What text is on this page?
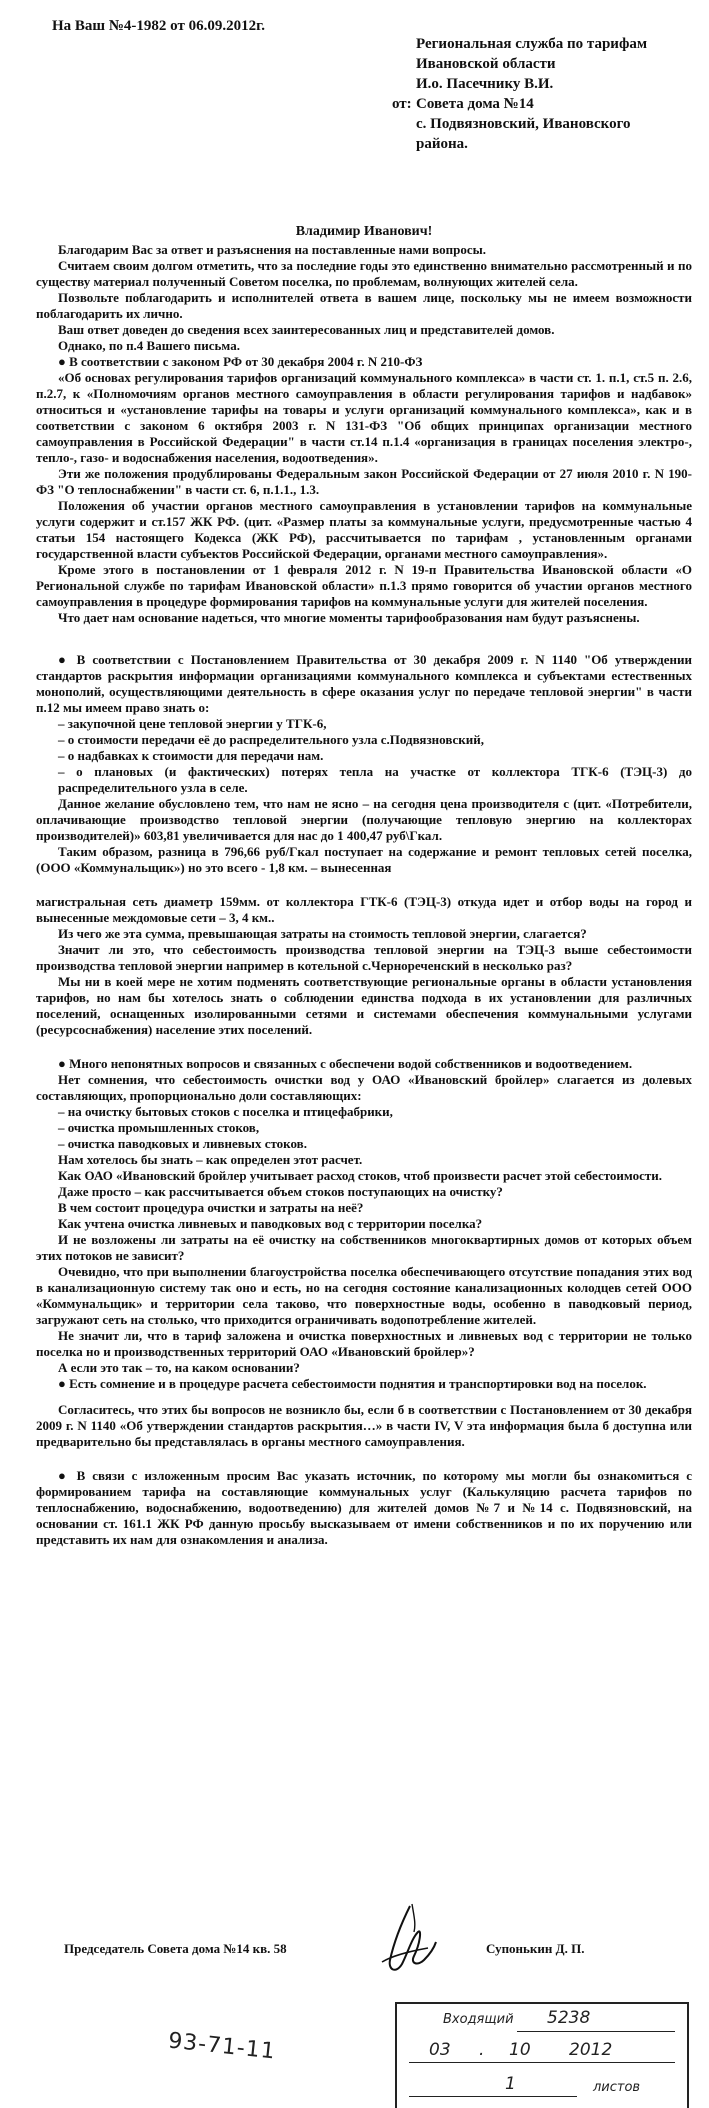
На Ваш №4-1982 от 06.09.2012г.
Региональная служба по тарифам
Ивановской области
И.о. Пасечнику В.И.
от: Совета дома №14
с. Подвязновский, Ивановского
района.
Владимир Иванович!

Благодарим Вас за ответ и разъяснения на поставленные нами вопросы.

Считаем своим долгом отметить, что за последние годы это единственно внимательно рассмотренный и по существу материал полученный Советом поселка, по проблемам, волнующих жителей села.

Позвольте поблагодарить и исполнителей ответа в вашем лице, поскольку мы не имеем возможности поблагодарить их лично.

Ваш ответ доведен до сведения всех заинтересованных лиц и представителей домов.

Однако, по п.4 Вашего письма.

● В соответствии с законом РФ от 30 декабря 2004 г. N 210-ФЗ

«Об основах регулирования тарифов организаций коммунального комплекса» в части ст. 1. п.1, ст.5 п. 2.6, п.2.7, к «Полномочиям органов местного самоуправления в области регулирования тарифов и надбавок» относиться и «установление тарифы на товары и услуги организаций коммунального комплекса», как и в соответствии с законом 6 октября 2003 г. N 131-ФЗ "Об общих принципах организации местного самоуправления в Российской Федерации" в части ст.14 п.1.4 «организация в границах поселения электро-, тепло-, газо- и водоснабжения населения, водоотведения».

Эти же положения продублированы Федеральным закон Российской Федерации от 27 июля 2010 г. N 190-ФЗ "О теплоснабжении" в части ст. 6, п.1.1., 1.3.

Положения об участии органов местного самоуправления в установлении тарифов на коммунальные услуги содержит и ст.157 ЖК РФ. (цит. «Размер платы за коммунальные услуги, предусмотренные частью 4 статьи 154 настоящего Кодекса (ЖК РФ), рассчитывается по тарифам , установленным органами государственной власти субъектов Российской Федерации, органами местного самоуправления».

Кроме этого в постановлении от 1 февраля 2012 г. N 19-п Правительства Ивановской области «О Региональной службе по тарифам Ивановской области» п.1.3 прямо говорится об участии органов местного самоуправления в процедуре формирования тарифов на коммунальные услуги для жителей поселения.

Что дает нам основание надеться, что многие моменты тарифообразования нам будут разъяснены.

● В соответствии с Постановлением Правительства от 30 декабря 2009 г. N 1140 "Об утверждении стандартов раскрытия информации организациями коммунального комплекса и субъектами естественных монополий, осуществляющими деятельность в сфере оказания услуг по передаче тепловой энергии" в части п.12 мы имеем право знать о:

– закупочной цене тепловой энергии у ТГК-6,

– о стоимости передачи её до распределительного узла с.Подвязновский,

– о надбавках к стоимости для передачи нам.

– о плановых (и фактических) потерях тепла на участке от коллектора ТГК-6 (ТЭЦ-3) до распределительного узла в селе.

Данное желание обусловлено тем, что нам не ясно – на сегодня цена производителя с (цит. «Потребители, оплачивающие производство тепловой энергии (получающие тепловую энергию на коллекторах производителей)» 603,81 увеличивается для нас до 1 400,47 руб\Гкал.

Таким образом, разница в 796,66 руб/Гкал поступает на содержание и ремонт тепловых сетей поселка, (ООО «Коммунальщик») но это всего - 1,8 км. – вынесенная

магистральная сеть диаметр 159мм. от коллектора ГТК-6 (ТЭЦ-3) откуда идет и отбор воды на город и вынесенные междомовые сети – 3, 4 км..

Из чего же эта сумма, превышающая затраты на стоимость тепловой энергии, слагается?

Значит ли это, что себестоимость производства тепловой энергии на ТЭЦ-3 выше себестоимости производства тепловой энергии например в котельной с.Чернореченский в несколько раз?

Мы ни в коей мере не хотим подменять соответствующие региональные органы в области установления тарифов, но нам бы хотелось знать о соблюдении единства подхода в их установлении для различных поселений, оснащенных изолированными сетями и системами обеспечения коммунальными услугами (ресурсоснабжения) население этих поселений.

● Много непонятных вопросов и связанных с обеспечени водой собственников и водоотведением.

Нет сомнения, что себестоимость очистки вод у ОАО «Ивановский бройлер» слагается из долевых составляющих, пропорционально доли составляющих:

– на очистку бытовых стоков с поселка и птицефабрики,

– очистка промышленных стоков,

– очистка паводковых и ливневых стоков.

Нам хотелось бы знать – как определен этот расчет.

Как ОАО «Ивановский бройлер учитывает расход стоков, чтоб произвести расчет этой себестоимости.

Даже просто – как рассчитывается объем стоков поступающих на очистку?

В чем состоит процедура очистки и затраты на неё?

Как учтена очистка ливневых и паводковых вод с территории поселка?

И не возложены ли затраты на её очистку на собственников многоквартирных домов от которых объем этих потоков не зависит?

Очевидно, что при выполнении благоустройства поселка обеспечивающего отсутствие попадания этих вод в канализационную систему так оно и есть, но на сегодня состояние канализационных колодцев сетей ООО «Коммунальщик» и территории села таково, что поверхностные воды, особенно в паводковый период, загружают сеть на столько, что приходится ограничивать водопотребление жителей.

Не значит ли, что в тариф заложена и очистка поверхностных и ливневых вод с территории не только поселка но и производственных территорий ОАО «Ивановский бройлер»?

А если это так – то, на каком основании?

● Есть сомнение и в процедуре расчета себестоимости поднятия и транспортировки вод на поселок.

Согласитесь, что этих бы вопросов не возникло бы, если б в соответствии с Постановлением от 30 декабря 2009 г. N 1140 «Об утверждении стандартов раскрытия…» в части IV, V эта информация была б доступна или предварительно бы представлялась в органы местного самоуправления.

● В связи с изложенным просим Вас указать источник, по которому мы могли бы ознакомиться с формированием тарифа на составляющие коммунальных услуг (Калькуляцию расчета тарифов по теплоснабжению, водоснабжению, водоотведению) для жителей домов №7 и №14 с. Подвязновский, на основании ст. 161.1 ЖК РФ данную просьбу высказываем от имени собственников и по их поручению или представить их нам для ознакомления и анализа.

Председатель Совета дома №14 кв. 58	Супонькин Д. П.
93-71-11
Входящий 5238
03 . 10 2012
1	листов
